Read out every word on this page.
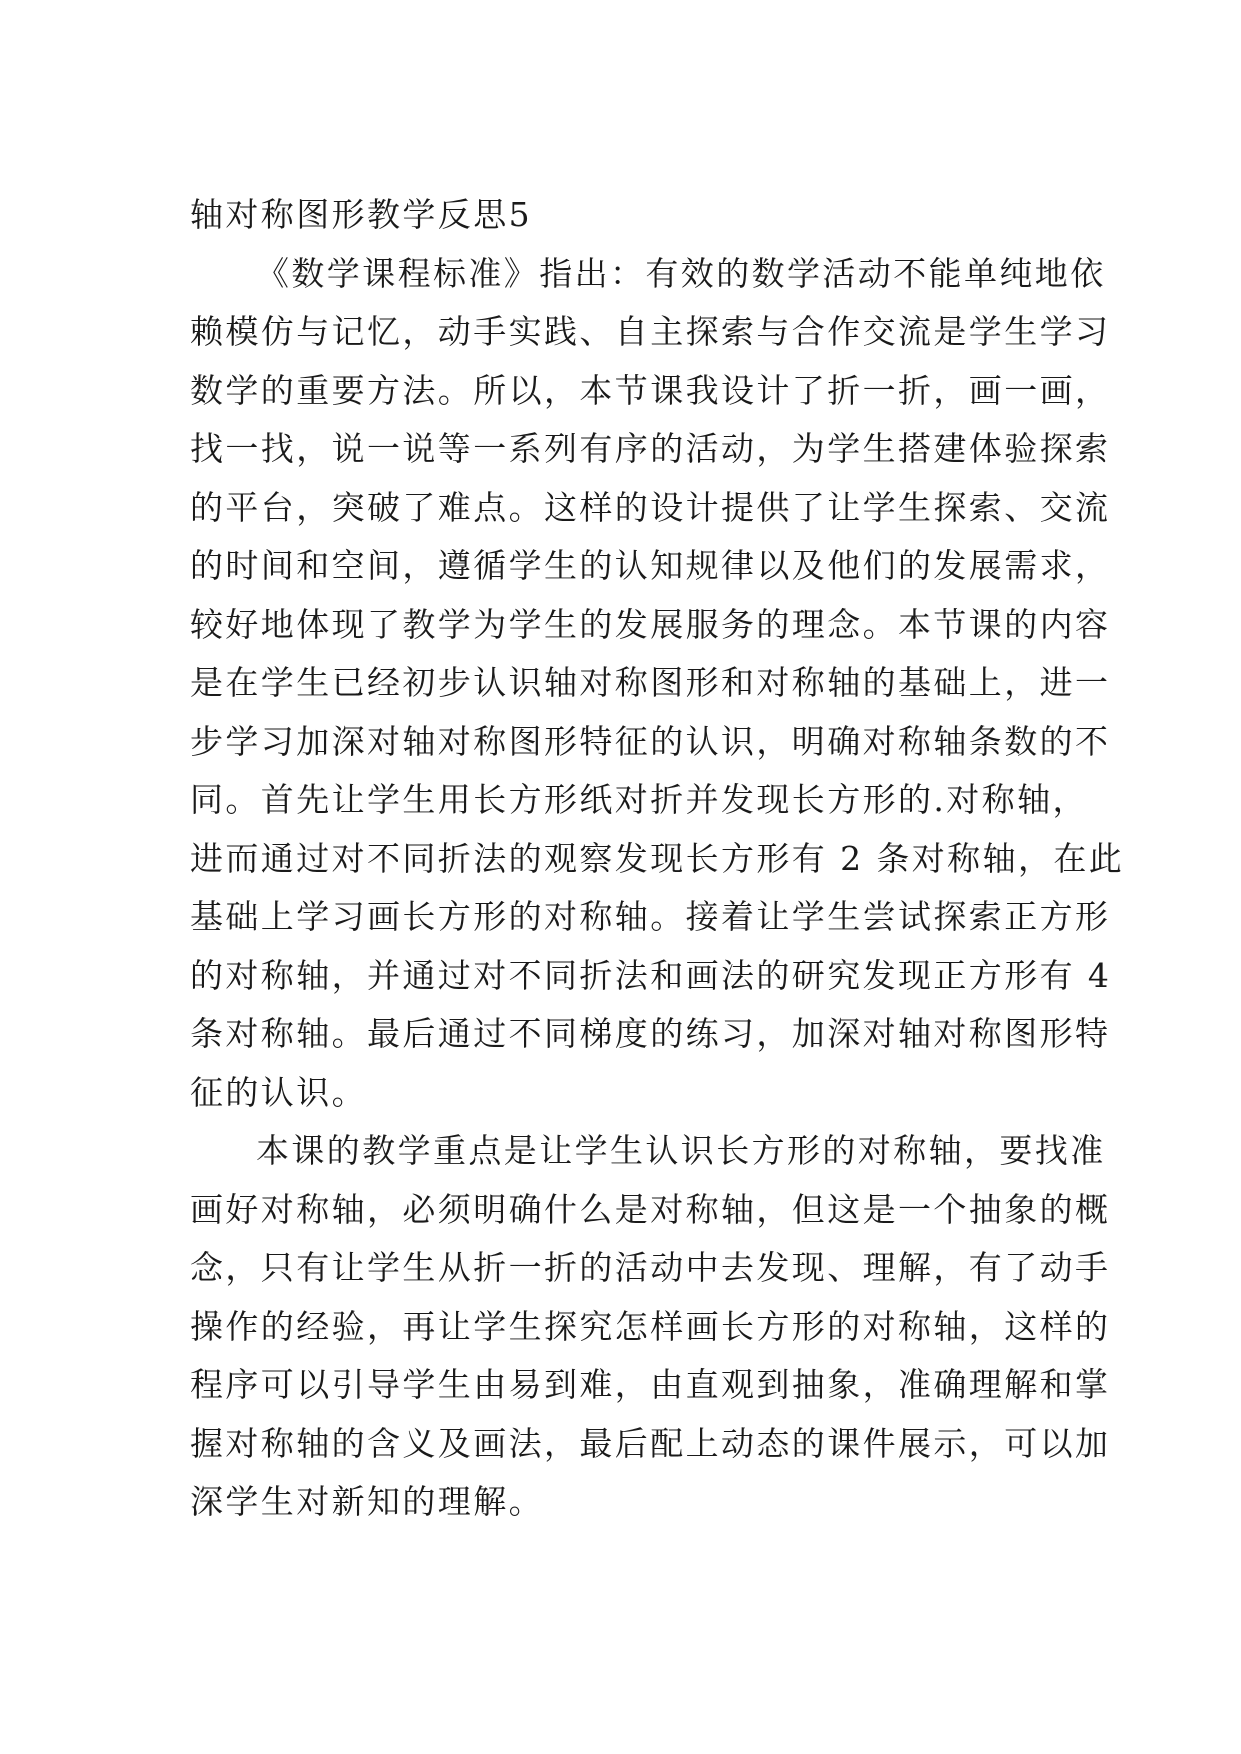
轴对称图形教学反思5

《数学课程标准》指出：有效的数学活动不能单纯地依
赖模仿与记忆，动手实践、自主探索与合作交流是学生学习
数学的重要方法。所以，本节课我设计了折一折，画一画，
找一找，说一说等一系列有序的活动，为学生搭建体验探索
的平台，突破了难点。这样的设计提供了让学生探索、交流
的时间和空间，遵循学生的认知规律以及他们的发展需求，
较好地体现了教学为学生的发展服务的理念。本节课的内容
是在学生已经初步认识轴对称图形和对称轴的基础上，进一
步学习加深对轴对称图形特征的认识，明确对称轴条数的不
同。首先让学生用长方形纸对折并发现长方形的.对称轴，
进而通过对不同折法的观察发现长方形有 2 条对称轴，在此
基础上学习画长方形的对称轴。接着让学生尝试探索正方形
的对称轴，并通过对不同折法和画法的研究发现正方形有 4
条对称轴。最后通过不同梯度的练习，加深对轴对称图形特
征的认识。

本课的教学重点是让学生认识长方形的对称轴，要找准
画好对称轴，必须明确什么是对称轴，但这是一个抽象的概
念，只有让学生从折一折的活动中去发现、理解，有了动手
操作的经验，再让学生探究怎样画长方形的对称轴，这样的
程序可以引导学生由易到难，由直观到抽象，准确理解和掌
握对称轴的含义及画法，最后配上动态的课件展示，可以加
深学生对新知的理解。
